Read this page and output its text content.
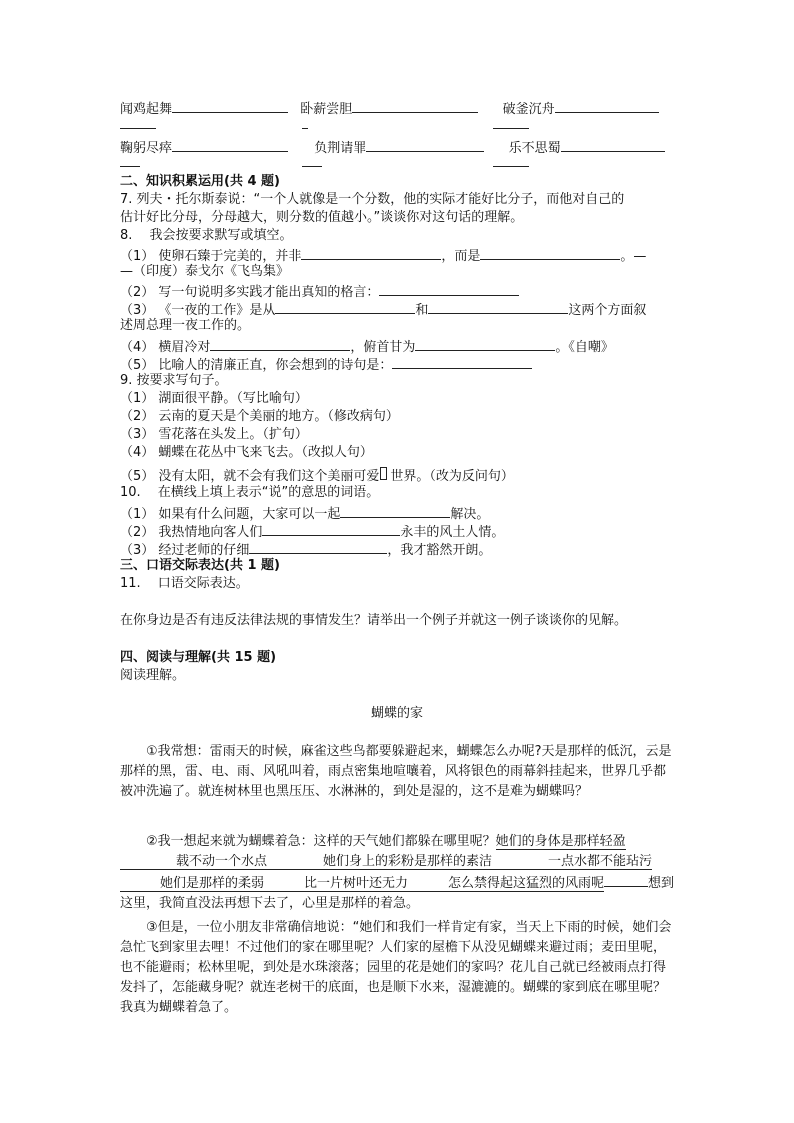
闻鸡起舞	卧薪尝胆	破釜沉舟
鞠躬尽瘁	负荆请罪	乐不思蜀
二、知识积累运用(共 4 题)
7. 列夫・托尔斯泰说：“一个人就像是一个分数，他的实际才能好比分子，而他对自己的
估计好比分母，分母越大，则分数的值越小。”谈谈你对这句话的理解。
8.　 我会按要求默写或填空。
（1） 使卵石臻于完美的，并非	，而是	。—
—（印度）泰戈尔《飞鸟集》
（2） 写一句说明多实践才能出真知的格言：
（3） 《一夜的工作》是从	和	这两个方面叙
述周总理一夜工作的。
（4） 横眉冷对	，俯首甘为	。《自嘲》
（5） 比喻人的清廉正直，你会想到的诗句是：
9. 按要求写句子。
（1） 湖面很平静。（写比喻句）
（2） 云南的夏天是个美丽的地方。（修改病句）
（3） 雪花落在头发上。（扩句）
（4） 蝴蝶在花丛中飞来飞去。（改拟人句）
（5） 没有太阳，就不会有我们这个美丽可爱 世界。（改为反问句）
10.　 在横线上填上表示“说”的意思的词语。
（1） 如果有什么问题，大家可以一起	解决。
（2） 我热情地向客人们	永丰的风土人情。
（3） 经过老师的仔细	，我才豁然开朗。
三、口语交际表达(共 1 题)
11.　 口语交际表达。
在你身边是否有违反法律法规的事情发生？请举出一个例子并就这一例子谈谈你的见解。
四、阅读与理解(共 15 题)
阅读理解。
蝴蝶的家

①我常想：雷雨天的时候，麻雀这些鸟都要躲避起来，蝴蝶怎么办呢?天是那样的低沉，云是那样的黑，雷、电、雨、风吼叫着，雨点密集地喧嚷着，风将银色的雨幕斜挂起来，世界几乎都被冲洗遍了。就连树林里也黑压压、水淋淋的，到处是湿的，这不是难为蝴蝶吗？

②我一想起来就为蝴蝶着急：这样的天气她们都躲在哪里呢？她们的身体是那样轻盈载不动一个水点	她们身上的彩粉是那样的素洁	一点水都不能玷污她们是那样的柔弱	比一片树叶还无力	怎么禁得起这猛烈的风雨呢	想到这里，我简直没法再想下去了，心里是那样的着急。

③但是，一位小朋友非常确信地说：“她们和我们一样肯定有家，当天上下雨的时候，她们会急忙飞到家里去哩！不过他们的家在哪里呢？人们家的屋檐下从没见蝴蝶来避过雨；麦田里呢，也不能避雨；松林里呢，到处是水珠滚落；园里的花是她们的家吗？花儿自己就已经被雨点打得发抖了，怎能藏身呢？就连老树干的底面，也是顺下水来，湿漉漉的。蝴蝶的家到底在哪里呢？我真为蝴蝶着急了。
